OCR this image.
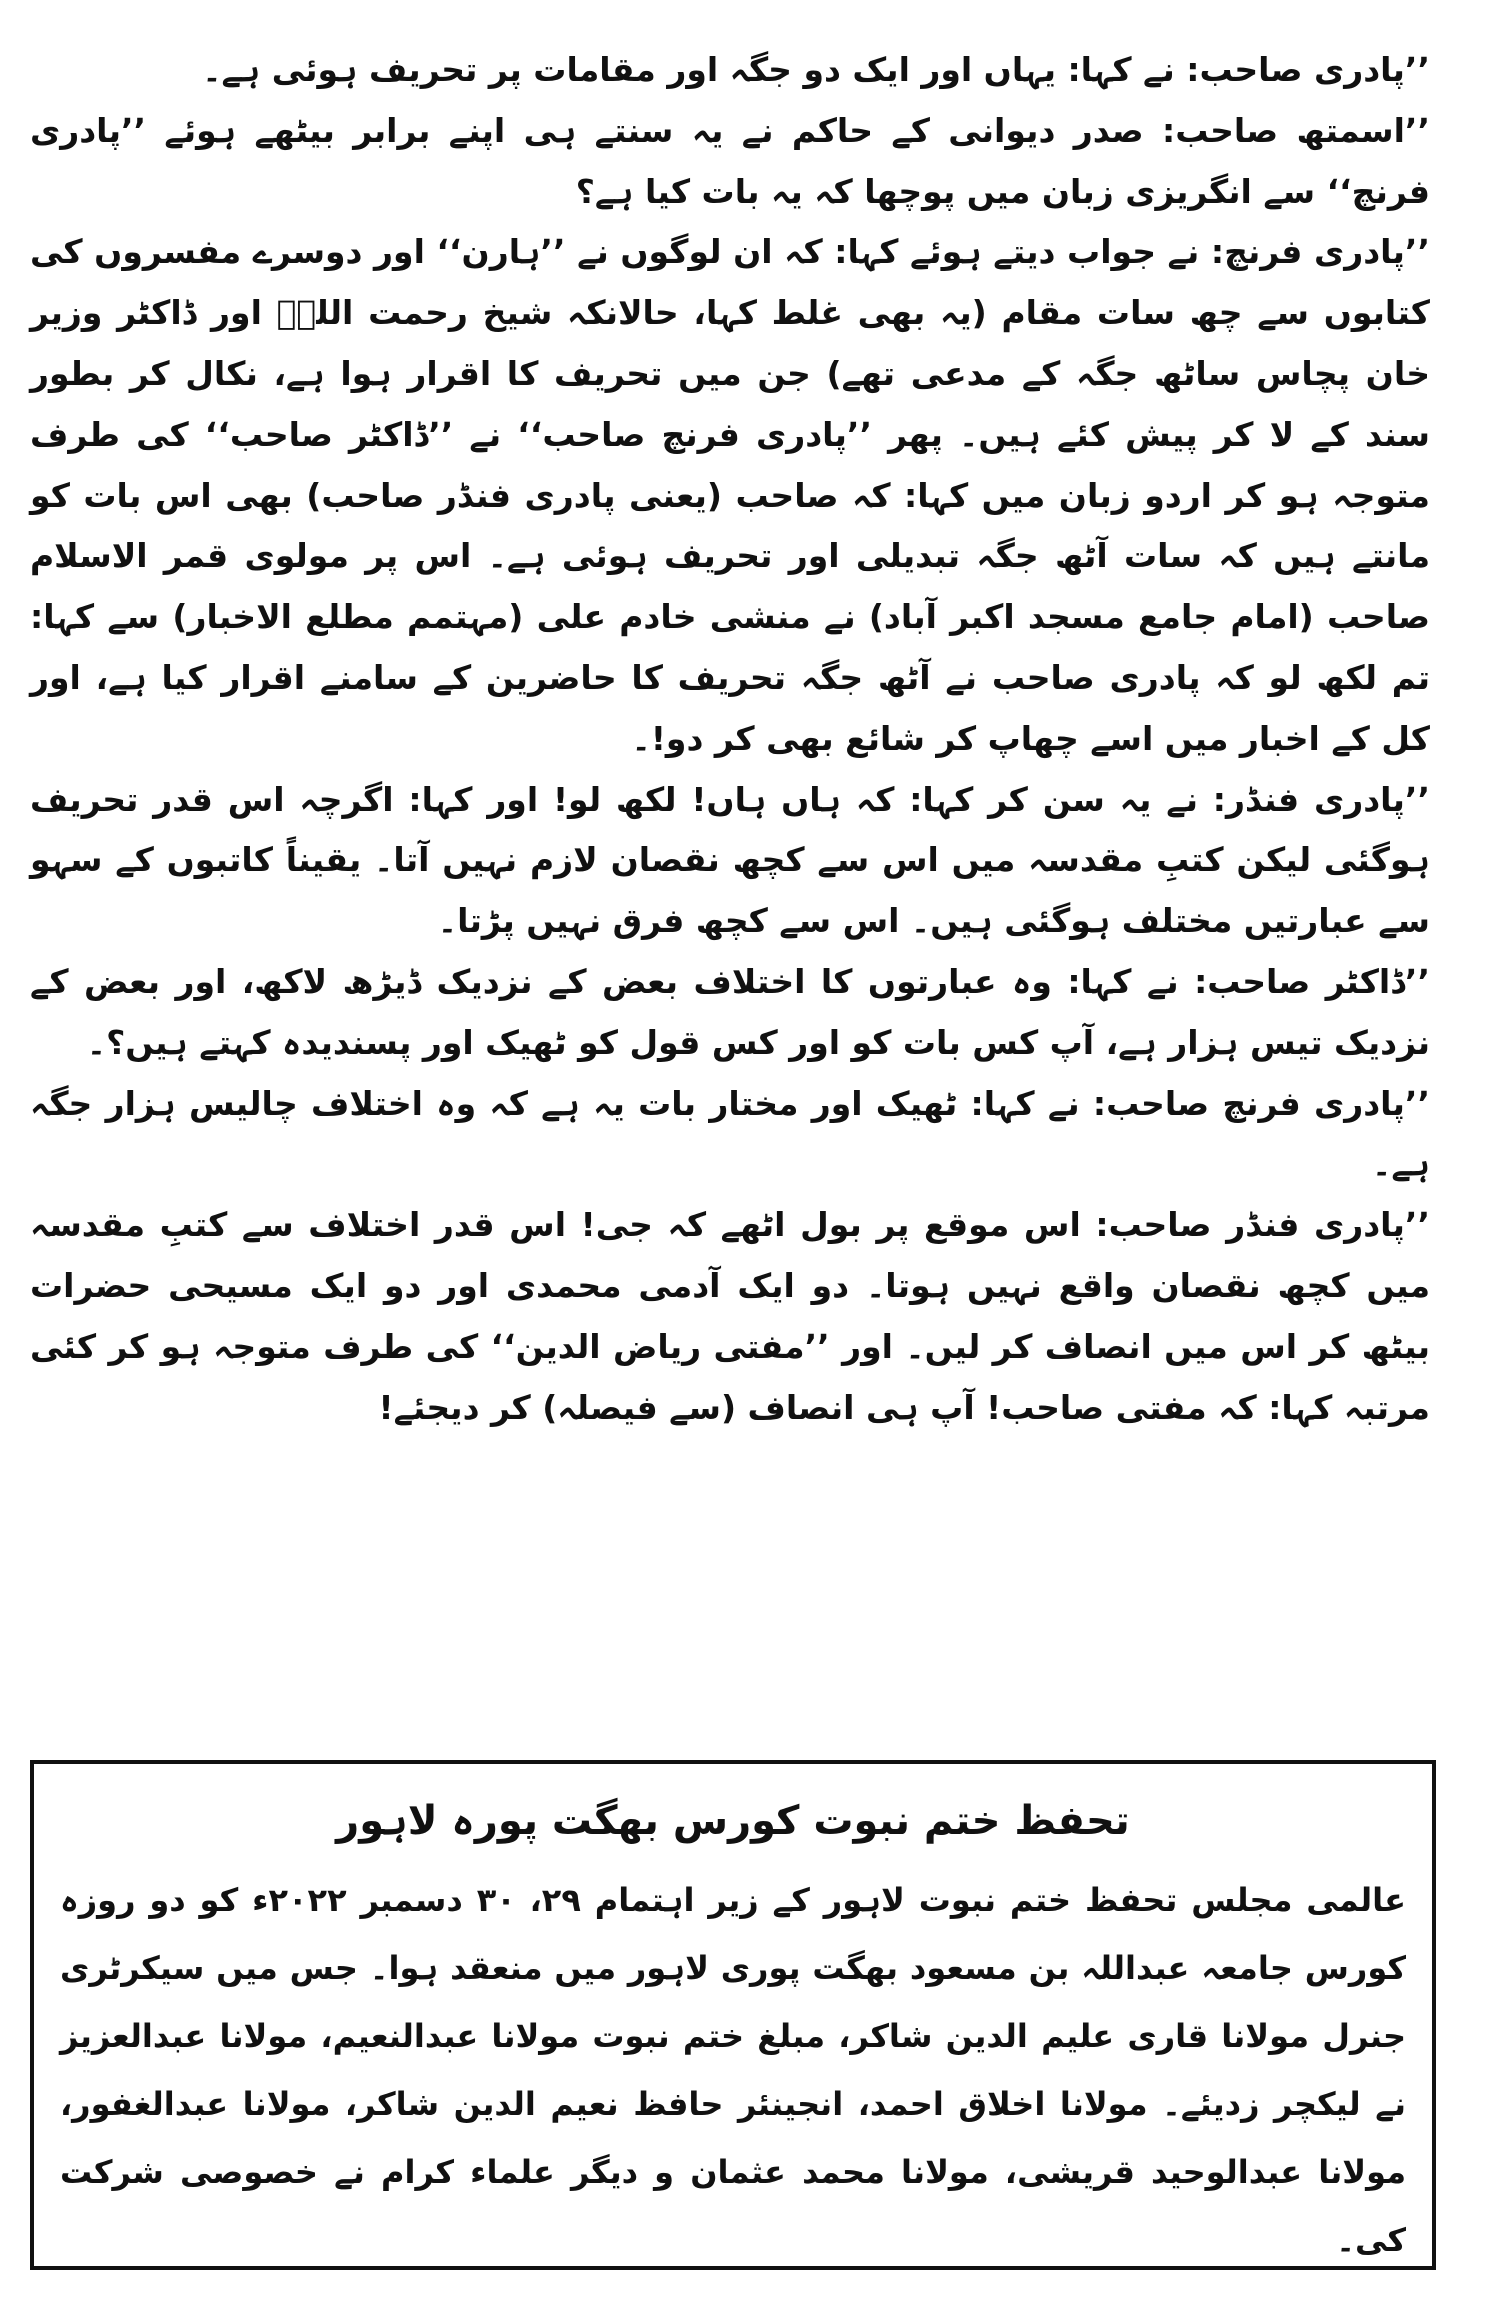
’’پادری صاحب: نے کہا: یہاں اور ایک دو جگہ اور مقامات پر تحریف ہوئی ہے۔

’’اسمتھ صاحب: صدر دیوانی کے حاکم نے یہ سنتے ہی اپنے برابر بیٹھے ہوئے ’’پادری فرنچ‘‘ سے انگریزی زبان میں پوچھا کہ یہ بات کیا ہے؟

’’پادری فرنچ: نے جواب دیتے ہوئے کہا: کہ ان لوگوں نے ’’ہارن‘‘ اور دوسرے مفسروں کی کتابوں سے چھ سات مقام (یہ بھی غلط کہا، حالانکہ شیخ رحمت اللہؒ اور ڈاکٹر وزیر خان پچاس ساٹھ جگہ کے مدعی تھے) جن میں تحریف کا اقرار ہوا ہے، نکال کر بطور سند کے لا کر پیش کئے ہیں۔ پھر ’’پادری فرنچ صاحب‘‘ نے ’’ڈاکٹر صاحب‘‘ کی طرف متوجہ ہو کر اردو زبان میں کہا: کہ صاحب (یعنی پادری فنڈر صاحب) بھی اس بات کو مانتے ہیں کہ سات آٹھ جگہ تبدیلی اور تحریف ہوئی ہے۔ اس پر مولوی قمر الاسلام صاحب (امام جامع مسجد اکبر آباد) نے منشی خادم علی (مہتمم مطلع الاخبار) سے کہا: تم لکھ لو کہ پادری صاحب نے آٹھ جگہ تحریف کا حاضرین کے سامنے اقرار کیا ہے، اور کل کے اخبار میں اسے چھاپ کر شائع بھی کر دو!۔

’’پادری فنڈر: نے یہ سن کر کہا: کہ ہاں ہاں! لکھ لو! اور کہا: اگرچہ اس قدر تحریف ہوگئی لیکن کتبِ مقدسہ میں اس سے کچھ نقصان لازم نہیں آتا۔ یقیناً کاتبوں کے سہو سے عبارتیں مختلف ہوگئی ہیں۔ اس سے کچھ فرق نہیں پڑتا۔

’’ڈاکٹر صاحب: نے کہا: وہ عبارتوں کا اختلاف بعض کے نزدیک ڈیڑھ لاکھ، اور بعض کے نزدیک تیس ہزار ہے، آپ کس بات کو اور کس قول کو ٹھیک اور پسندیدہ کہتے ہیں؟۔

’’پادری فرنچ صاحب: نے کہا: ٹھیک اور مختار بات یہ ہے کہ وہ اختلاف چالیس ہزار جگہ ہے۔

’’پادری فنڈر صاحب: اس موقع پر بول اٹھے کہ جی! اس قدر اختلاف سے کتبِ مقدسہ میں کچھ نقصان واقع نہیں ہوتا۔ دو ایک آدمی محمدی اور دو ایک مسیحی حضرات بیٹھ کر اس میں انصاف کر لیں۔ اور ’’مفتی ریاض الدین‘‘ کی طرف متوجہ ہو کر کئی مرتبہ کہا: کہ مفتی صاحب! آپ ہی انصاف (سے فیصلہ) کر دیجئے!

تحفظ ختم نبوت کورس بھگت پورہ لاہور

عالمی مجلس تحفظ ختم نبوت لاہور کے زیر اہتمام ۲۹، ۳۰ دسمبر ۲۰۲۲ء کو دو روزہ کورس جامعہ عبداللہ بن مسعود بھگت پوری لاہور میں منعقد ہوا۔ جس میں سیکرٹری جنرل مولانا قاری علیم الدین شاکر، مبلغ ختم نبوت مولانا عبدالنعیم، مولانا عبدالعزیز نے لیکچر زدیئے۔ مولانا اخلاق احمد، انجینئر حافظ نعیم الدین شاکر، مولانا عبدالغفور، مولانا عبدالوحید قریشی، مولانا محمد عثمان و دیگر علماء کرام نے خصوصی شرکت کی۔
